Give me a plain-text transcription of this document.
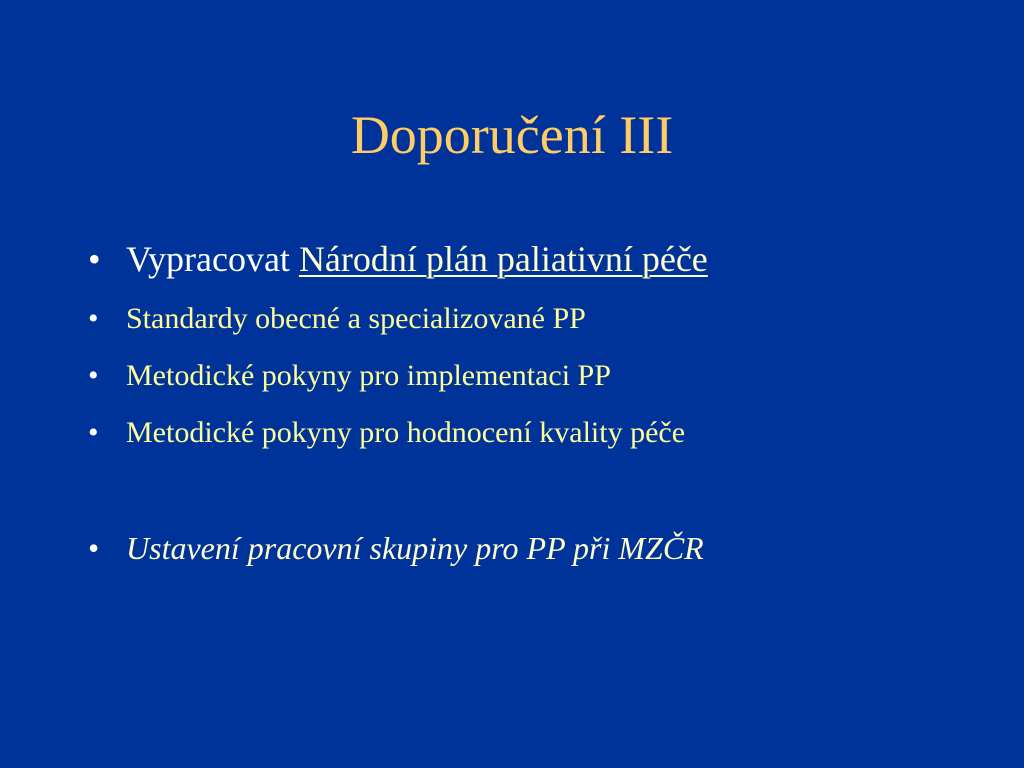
Doporučení III
• Vypracovat Národní plán paliativní péče
• Standardy obecné a specializované PP
• Metodické pokyny pro implementaci PP
• Metodické pokyny pro hodnocení kvality péče
• Ustavení pracovní skupiny pro PP při MZČR
